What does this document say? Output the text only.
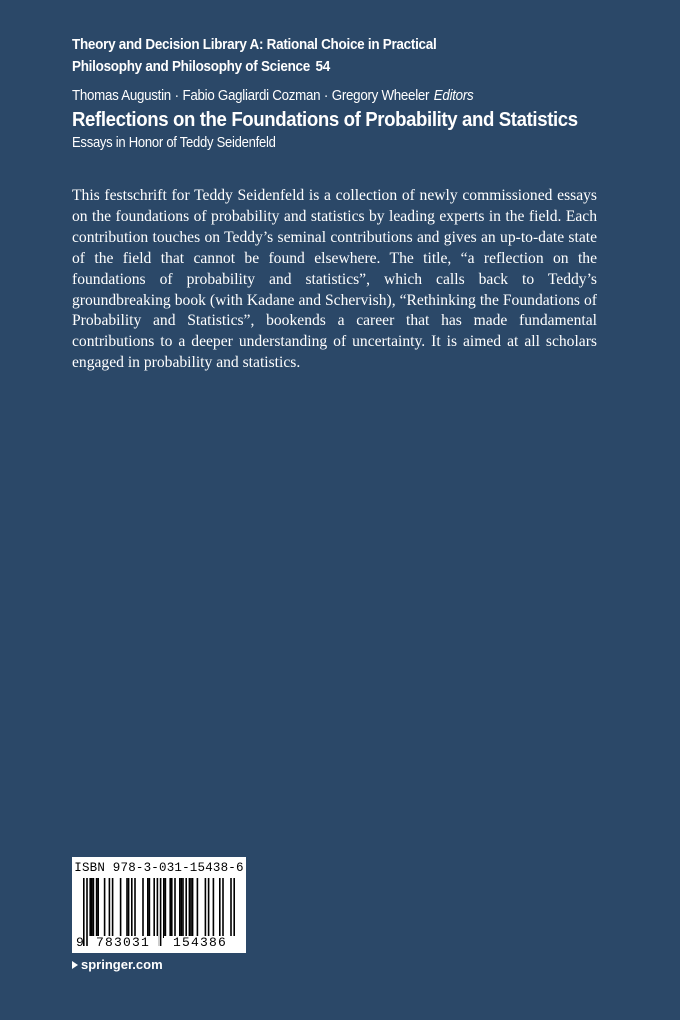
Theory and Decision Library A: Rational Choice in Practical
Philosophy and Philosophy of Science 54
Thomas Augustin · Fabio Gagliardi Cozman · Gregory Wheeler Editors
Reflections on the Foundations of Probability and Statistics
Essays in Honor of Teddy Seidenfeld

This festschrift for Teddy Seidenfeld is a collection of newly commissioned essays on the foundations of probability and statistics by leading experts in the field. Each contribution touches on Teddy’s seminal contributions and gives an up-to-date state of the field that cannot be found elsewhere. The title, “a reflection on the foundations of probability and statistics”, which calls back to Teddy’s groundbreaking book (with Kadane and Schervish), “Rethinking the Foundations of Probability and Statistics”, bookends a career that has made fundamental contributions to a deeper understanding of uncertainty. It is aimed at all scholars engaged in probability and statistics.

ISBN 978-3-031-15438-6
9 783031 154386
springer.com
